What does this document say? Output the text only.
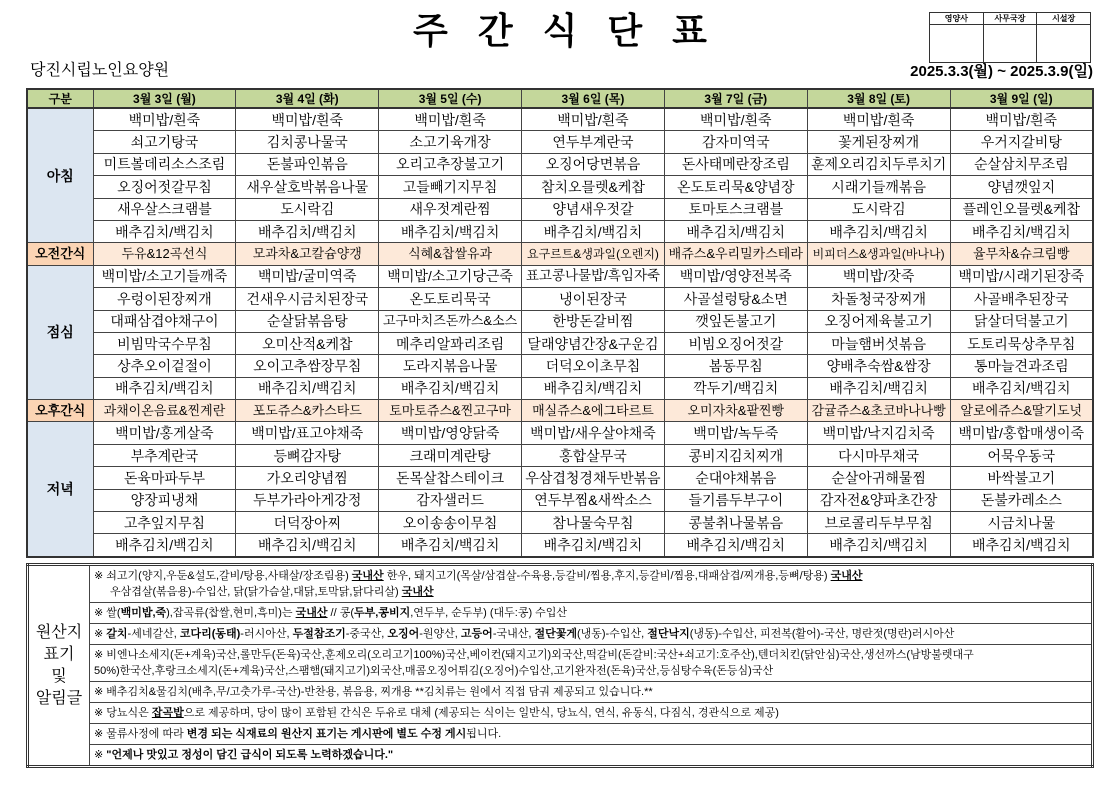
주 간 식 단 표	영양사	사무국장	시설장

당진시립노인요양원	2025.3.3(월) ~ 2025.3.9(일)
구분	3월 3일 (월)	3월 4일 (화)	3월 5일 (수)	3월 6일 (목)	3월 7일 (금)	3월 8일 (토)	3월 9일 (일)
아침	백미밥/흰죽	백미밥/흰죽	백미밥/흰죽	백미밥/흰죽	백미밥/흰죽	백미밥/흰죽	백미밥/흰죽

	쇠고기탕국	김치콩나물국	소고기육개장	연두부계란국	감자미역국	꽃게된장찌개	우거지갈비탕

	미트볼데리소스조림	돈불파인볶음	오리고추장불고기	오징어당면볶음	돈사태메란장조림	훈제오리김치두루치기	순살삼치무조림

	오징어젓갈무침	새우살호박볶음나물	고들빼기지무침	참치오믈렛&케찹	온도토리묵&양념장	시래기들깨볶음	양념깻잎지

	새우살스크램블	도시락김	새우젓계란찜	양념새우젓갈	토마토스크램블	도시락김	플레인오믈렛&케찹

	배추김치/백김치	배추김치/백김치	배추김치/백김치	배추김치/백김치	배추김치/백김치	배추김치/백김치	배추김치/백김치

오전간식	두유&12곡선식	모과차&고칼슘양갱	식혜&찹쌀유과	요구르트&생과일(오렌지)	배쥬스&우리밀카스테라	비피더스&생과일(바나나)	율무차&슈크림빵

점심	백미밥/소고기들깨죽	백미밥/굴미역죽	백미밥/소고기당근죽	표고콩나물밥/흑임자죽	백미밥/영양전복죽	백미밥/잣죽	백미밥/시래기된장죽

	우렁이된장찌개	건새우시금치된장국	온도토리묵국	냉이된장국	사골설렁탕&소면	차돌청국장찌개	사골배추된장국

	대패삼겹야채구이	순살닭볶음탕	고구마치즈돈까스&소스	한방돈갈비찜	깻잎돈불고기	오징어제육불고기	닭살더덕불고기

	비빔막국수무침	오미산적&케찹	메추리알꽈리조림	달래양념간장&구운김	비빔오징어젓갈	마늘햄버섯볶음	도토리묵상추무침

	상추오이겉절이	오이고추쌈장무침	도라지볶음나물	더덕오이초무침	봄동무침	양배추숙쌈&쌈장	통마늘견과조림

	배추김치/백김치	배추김치/백김치	배추김치/백김치	배추김치/백김치	깍두기/백김치	배추김치/백김치	배추김치/백김치

오후간식	과채이온음료&찐계란	포도쥬스&카스타드	토마토쥬스&찐고구마	매실쥬스&에그타르트	오미자차&팥찐빵	감귤쥬스&초코바나나빵	알로에쥬스&딸기도넛

저녁	백미밥/홍게살죽	백미밥/표고야채죽	백미밥/영양닭죽	백미밥/새우살야채죽	백미밥/녹두죽	백미밥/낙지김치죽	백미밥/홍합매생이죽

	부추계란국	등뼈감자탕	크래미계란탕	홍합살무국	콩비지김치찌개	다시마무채국	어묵우동국

	돈육마파두부	가오리양념찜	돈목살찹스테이크	우삼겹청경채두반볶음	순대야채볶음	순살아귀해물찜	바싹불고기

	양장피냉채	두부가라아게강정	감자샐러드	연두부찜&새싹소스	들기름두부구이	감자전&양파초간장	돈불카레소스

	고추잎지무침	더덕장아찌	오이송송이무침	참나물숙무침	콩불취나물볶음	브로콜리두부무침	시금치나물

	배추김치/백김치	배추김치/백김치	배추김치/백김치	배추김치/백김치	배추김치/백김치	배추김치/백김치	배추김치/백김치
원산지
표기
및
알림글

※ 쇠고기(양지,우둔&설도,갈비/탕용,사태살/장조림용) 국내산 한우, 돼지고기(목살/삼겹살-수육용,등갈비/찜용,후지,등갈비/찜용,대패삼겹/찌개용,등뼈/탕용) 국내산
우삼겹살(볶음용)-수입산, 닭(닭가슴살,대닭,토막닭,닭다리살) 국내산

※ 쌀(백미밥,죽),잡곡류(찹쌀,현미,흑미)는 국내산 // 콩(두부,콩비지,연두부, 순두부) (대두:콩) 수입산

※ 갈치-세네갈산, 코다리(동태)-러시아산, 두절참조기-중국산, 오징어-원양산, 고등어-국내산, 절단꽃게(냉동)-수입산, 절단낙지(냉동)-수입산, 피전복(활어)-국산, 명란젓(명란)러시아산

※ 비엔나소세지(돈+계육)국산,롤만두(돈육)국산,훈제오리(오리고기100%)국산,베이컨(돼지고기)외국산,떡갈비(돈갈비:국산+쇠고기:호주산),텐더치킨(닭안심)국산,생선까스(남방불렛대구
50%)한국산,후랑크소세지(돈+계육)국산,스팸햄(돼지고기)외국산,매콤오징어튀김(오징어)수입산,고기완자전(돈육)국산,등심탕수육(돈등심)국산

※ 배추김치&물김치(배추,무/고춧가루-국산)-반찬용, 볶음용, 찌개용 **김치류는 원에서 직접 담궈 제공되고 있습니다.**

※ 당뇨식은 잡곡밥으로 제공하며, 당이 많이 포함된 간식은 두유로 대체 (제공되는 식이는 일반식, 당뇨식, 연식, 유동식, 다짐식, 경관식으로 제공)

※ 물류사정에 따라 변경 되는 식재료의 원산지 표기는 게시판에 별도 수정 게시됩니다.

※ "언제나 맛있고 정성이 담긴 급식이 되도록 노력하겠습니다."
